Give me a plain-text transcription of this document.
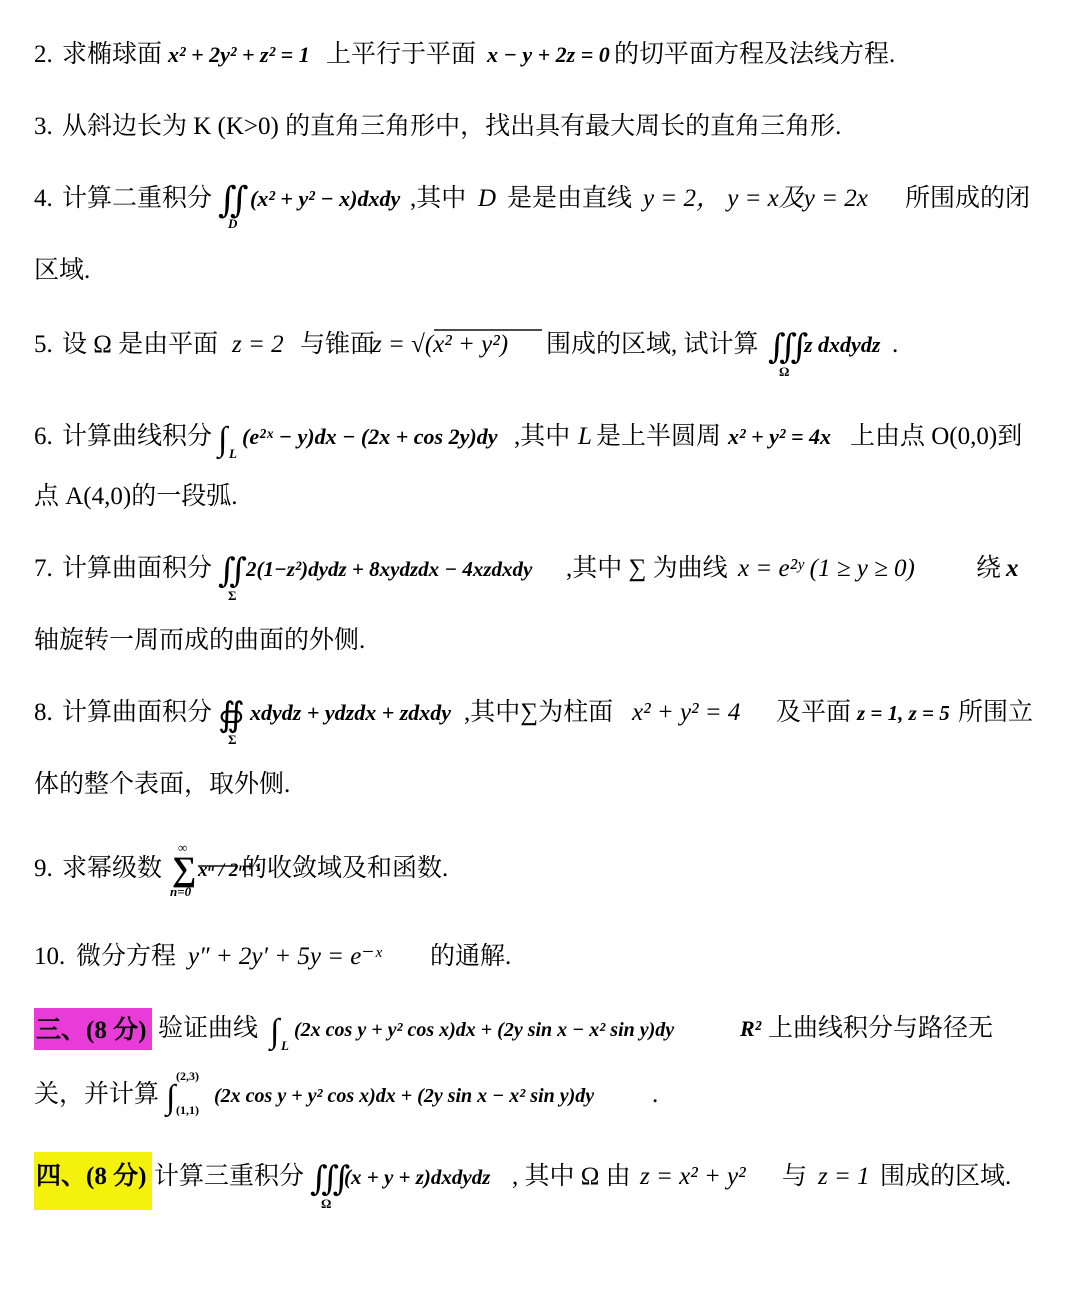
2. 求椭球面 x² + 2y² + z² = 1 上平行于平面 x − y + 2z = 0 的切平面方程及法线方程.
3. 从斜边长为 K (K>0) 的直角三角形中，找出具有最大周长的直角三角形.
4. 计算二重积分 ∬
D
(x² + y² − x)dxdy ,其中 D 是是由直线 y = 2， y = x及y = 2x 所围成的闭
区域.
5. 设 Ω 是由平面 z = 2 与锥面
z = √(x² + y²) 围成的区域, 试计算 ∭
Ω
z dxdydz .
6. 计算曲线积分 ∫ L
(e²ˣ − y)dx − (2x + cos 2y)dy ,其中 L 是上半圆周 x² + y² = 4x 上由点 O(0,0)到
点 A(4,0)的一段弧.
7. 计算曲面积分 ∬
Σ
2(1−z²)dydz + 8xydzdx − 4xzdxdy ,其中 ∑ 为曲线 x = e²ʸ (1 ≥ y ≥ 0) 绕 x
轴旋转一周而成的曲面的外侧.
8. 计算曲面积分 ∯
Σ
xdydz + ydzdx + zdxdy ,其中∑为柱面 x² + y² = 4 及平面 z = 1, z = 5 所围立
体的整个表面，取外侧.
9. 求幂级数 ∑
∞
n=0
xⁿ / 2ⁿ⁺¹
的收敛域及和函数.
10. 微分方程 y″ + 2y′ + 5y = e⁻ˣ 的通解.
三、(8 分) 验证曲线 ∫ L
(2x cos y + y² cos x)dx + (2y sin x − x² sin y)dy	R² 上曲线积分与路径无
关，并计算 ∫
(2,3)
(1,1)
(2x cos y + y² cos x)dx + (2y sin x − x² sin y)dy .
四、(8 分) 计算三重积分 ∭
Ω
(x + y + z)dxdydz , 其中 Ω 由 z = x² + y² 与 z = 1 围成的区域.
